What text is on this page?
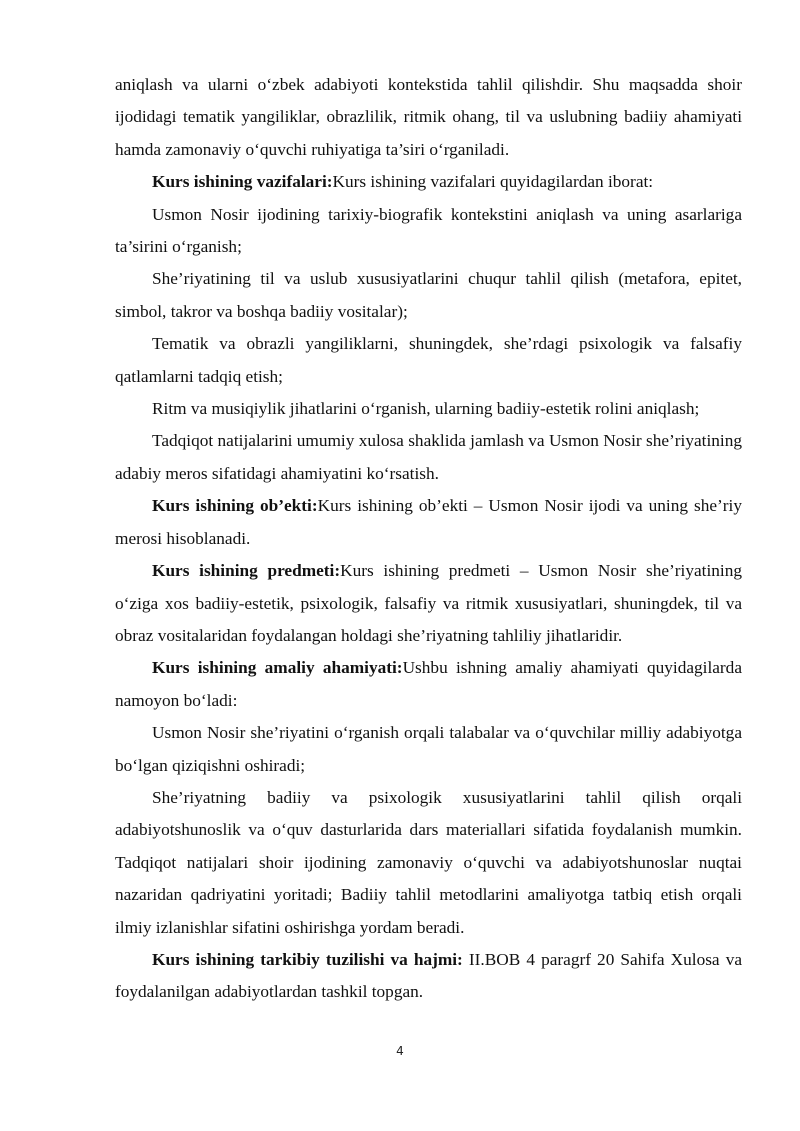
aniqlash va ularni o‘zbek adabiyoti kontekstida tahlil qilishdir. Shu maqsadda shoir ijodidagi tematik yangiliklar, obrazlilik, ritmik ohang, til va uslubning badiiy ahamiyati hamda zamonaviy o‘quvchi ruhiyatiga ta’siri o‘rganiladi.

Kurs ishining vazifalari:Kurs ishining vazifalari quyidagilardan iborat:

Usmon Nosir ijodining tarixiy-biografik kontekstini aniqlash va uning asarlariga ta’sirini o‘rganish;

She’riyatining til va uslub xususiyatlarini chuqur tahlil qilish (metafora, epitet, simbol, takror va boshqa badiiy vositalar);

Tematik va obrazli yangiliklarni, shuningdek, she’rdagi psixologik va falsafiy qatlamlarni tadqiq etish;

Ritm va musiqiylik jihatlarini o‘rganish, ularning badiiy-estetik rolini aniqlash;

Tadqiqot natijalarini umumiy xulosa shaklida jamlash va Usmon Nosir she’riyatining adabiy meros sifatidagi ahamiyatini ko‘rsatish.

Kurs ishining ob’ekti:Kurs ishining ob’ekti – Usmon Nosir ijodi va uning she’riy merosi hisoblanadi.

Kurs ishining predmeti:Kurs ishining predmeti – Usmon Nosir she’riyatining o‘ziga xos badiiy-estetik, psixologik, falsafiy va ritmik xususiyatlari, shuningdek, til va obraz vositalaridan foydalangan holdagi she’riyatning tahliliy jihatlaridir.

Kurs ishining amaliy ahamiyati:Ushbu ishning amaliy ahamiyati quyidagilarda namoyon bo‘ladi:

Usmon Nosir she’riyatini o‘rganish orqali talabalar va o‘quvchilar milliy adabiyotga bo‘lgan qiziqishni oshiradi;

She’riyatning badiiy va psixologik xususiyatlarini tahlil qilish orqali adabiyotshunoslik va o‘quv dasturlarida dars materiallari sifatida foydalanish mumkin. Tadqiqot natijalari shoir ijodining zamonaviy o‘quvchi va adabiyotshunoslar nuqtai nazaridan qadriyatini yoritadi; Badiiy tahlil metodlarini amaliyotga tatbiq etish orqali ilmiy izlanishlar sifatini oshirishga yordam beradi.

Kurs ishining tarkibiy tuzilishi va hajmi: II.BOB 4 paragrf 20 Sahifa Xulosa va foydalanilgan adabiyotlardan tashkil topgan.

4
